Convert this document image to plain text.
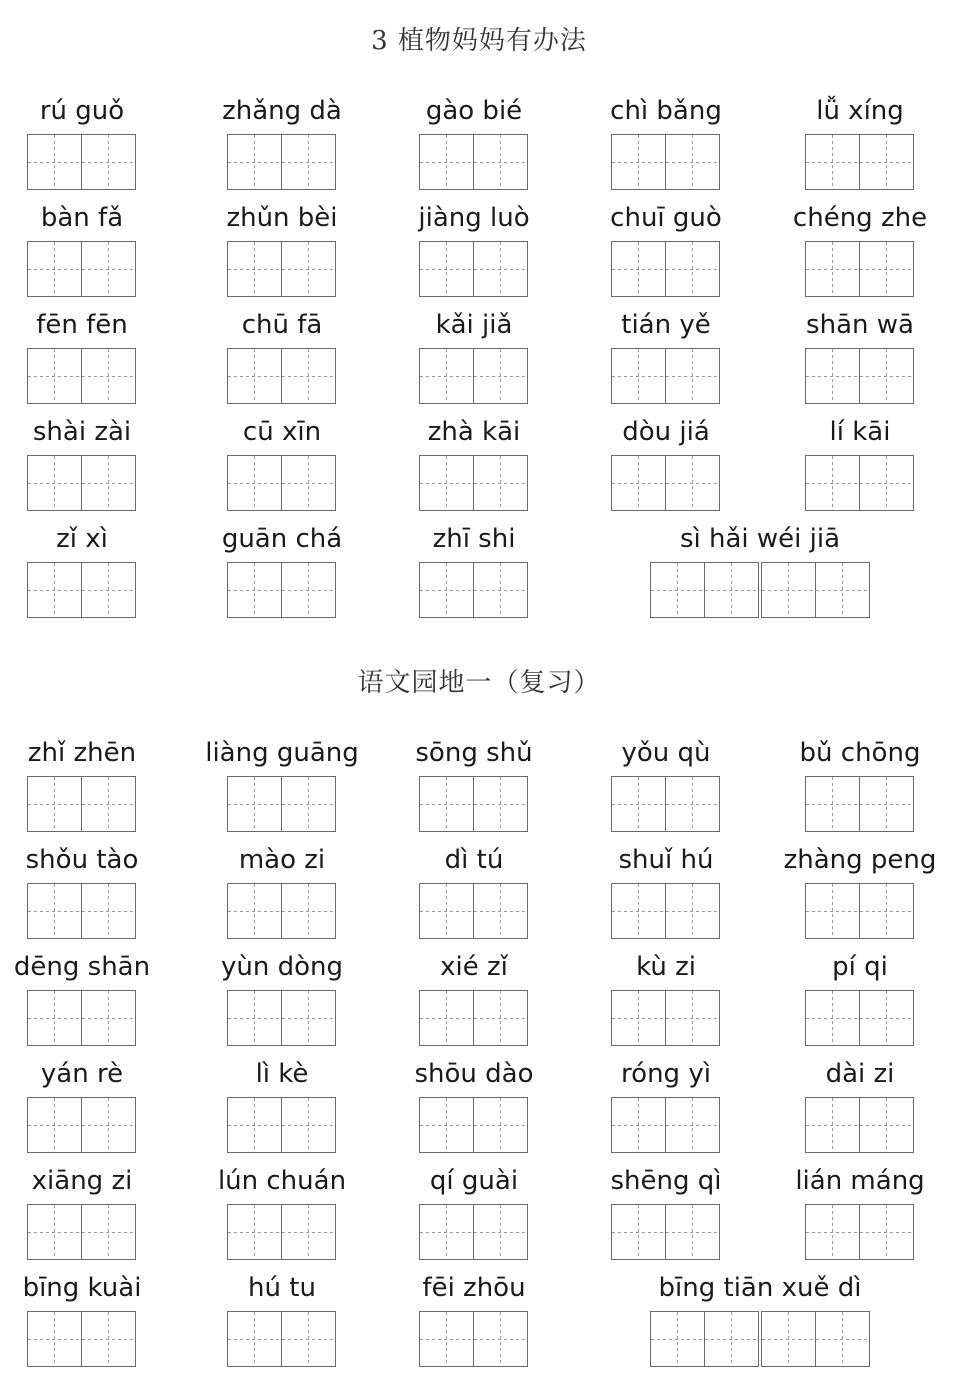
3 植物妈妈有办法
rú guǒ	zhǎng dà	gào bié	chì bǎng	lǚ xíng
bàn fǎ	zhǔn bèi	jiàng luò	chuī guò	chéng zhe
fēn fēn	chū fā	kǎi jiǎ	tián yě	shān wā
shài zài	cū xīn	zhà kāi	dòu jiá	lí kāi
zǐ xì	guān chá	zhī shi	sì hǎi wéi jiā
语文园地一（复习）
zhǐ zhēn	liàng guāng	sōng shǔ	yǒu qù	bǔ chōng
shǒu tào	mào zi	dì tú	shuǐ hú	zhàng peng
dēng shān	yùn dòng	xié zǐ	kù zi	pí qi
yán rè	lì kè	shōu dào	róng yì	dài zi
xiāng zi	lún chuán	qí guài	shēng qì	lián máng
bīng kuài	hú tu	fēi zhōu	bīng tiān xuě dì
